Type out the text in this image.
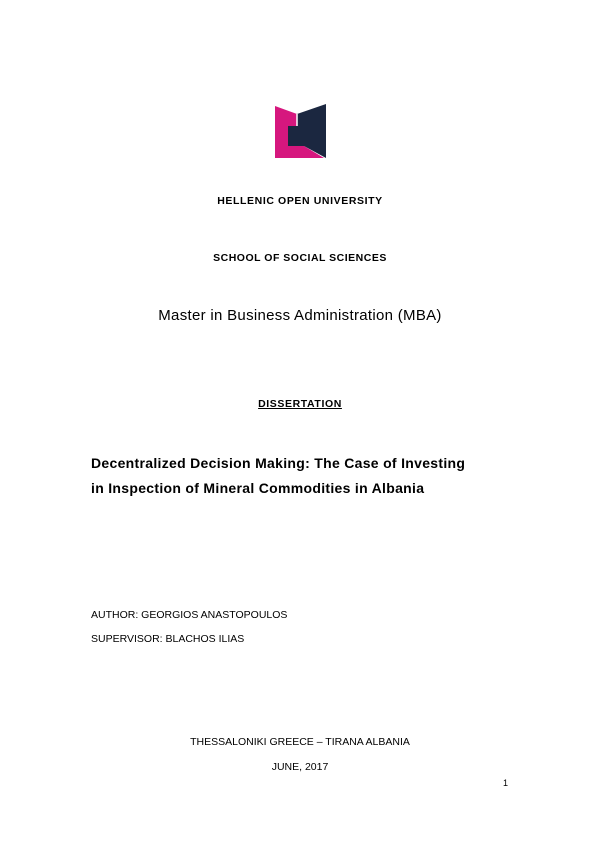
HELLENIC OPEN UNIVERSITY
SCHOOL OF SOCIAL SCIENCES
Master in Business Administration (MBA)
DISSERTATION
Decentralized Decision Making: The Case of Investing
in Inspection of Mineral Commodities in Albania
AUTHOR: GEORGIOS ANASTOPOULOS
SUPERVISOR: BLACHOS ILIAS
THESSALONIKI GREECE – TIRANA ALBANIA
JUNE, 2017
1
